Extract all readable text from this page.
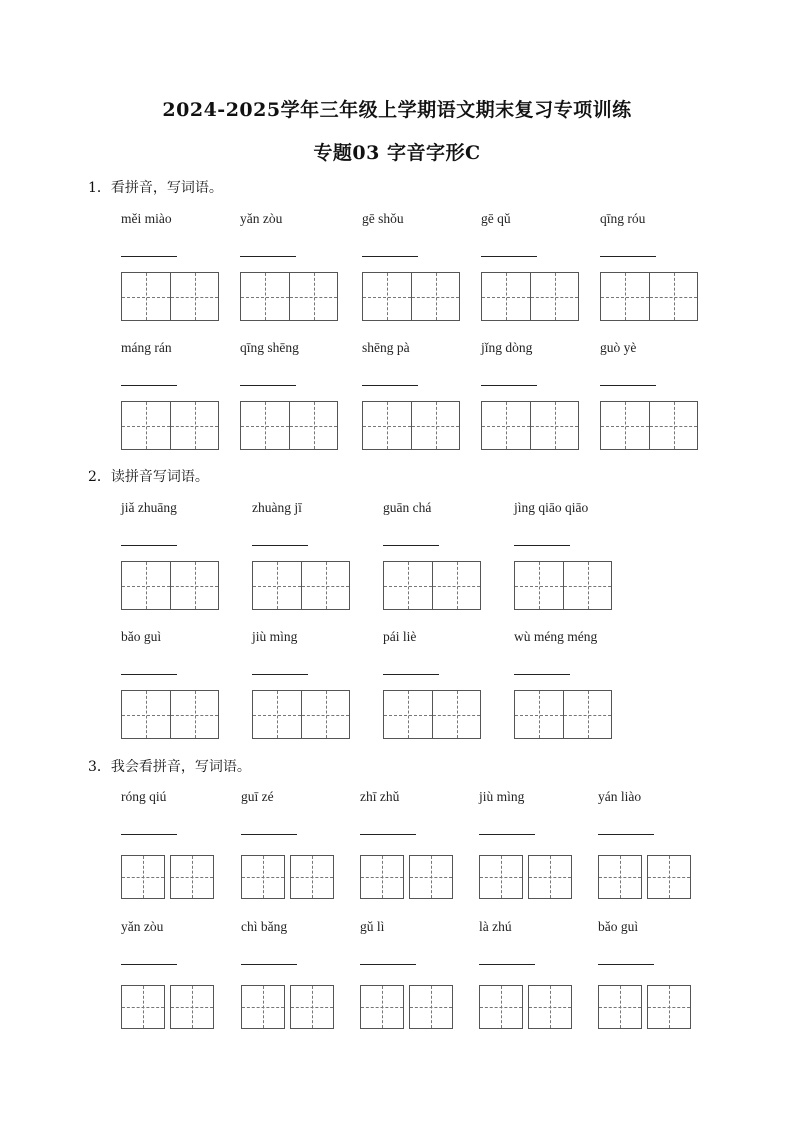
2024-2025学年三年级上学期语文期末复习专项训练
专题03 字音字形C
1．看拼音，写词语。
měi miào	yǎn zòu	gē shǒu	gē qǔ	qīng róu
máng rán	qīng shēng	shēng pà	jǐng dòng	guò yè
2．读拼音写词语。
jiǎ zhuāng	zhuàng jī	guān chá	jìng qiāo qiāo
bǎo guì	jiù mìng	pái liè	wù méng méng
3．我会看拼音，写词语。
róng qiú	guī zé	zhī zhǔ	jiù mìng	yán liào
yǎn zòu	chì bǎng	gǔ lì	là zhú	bǎo guì
